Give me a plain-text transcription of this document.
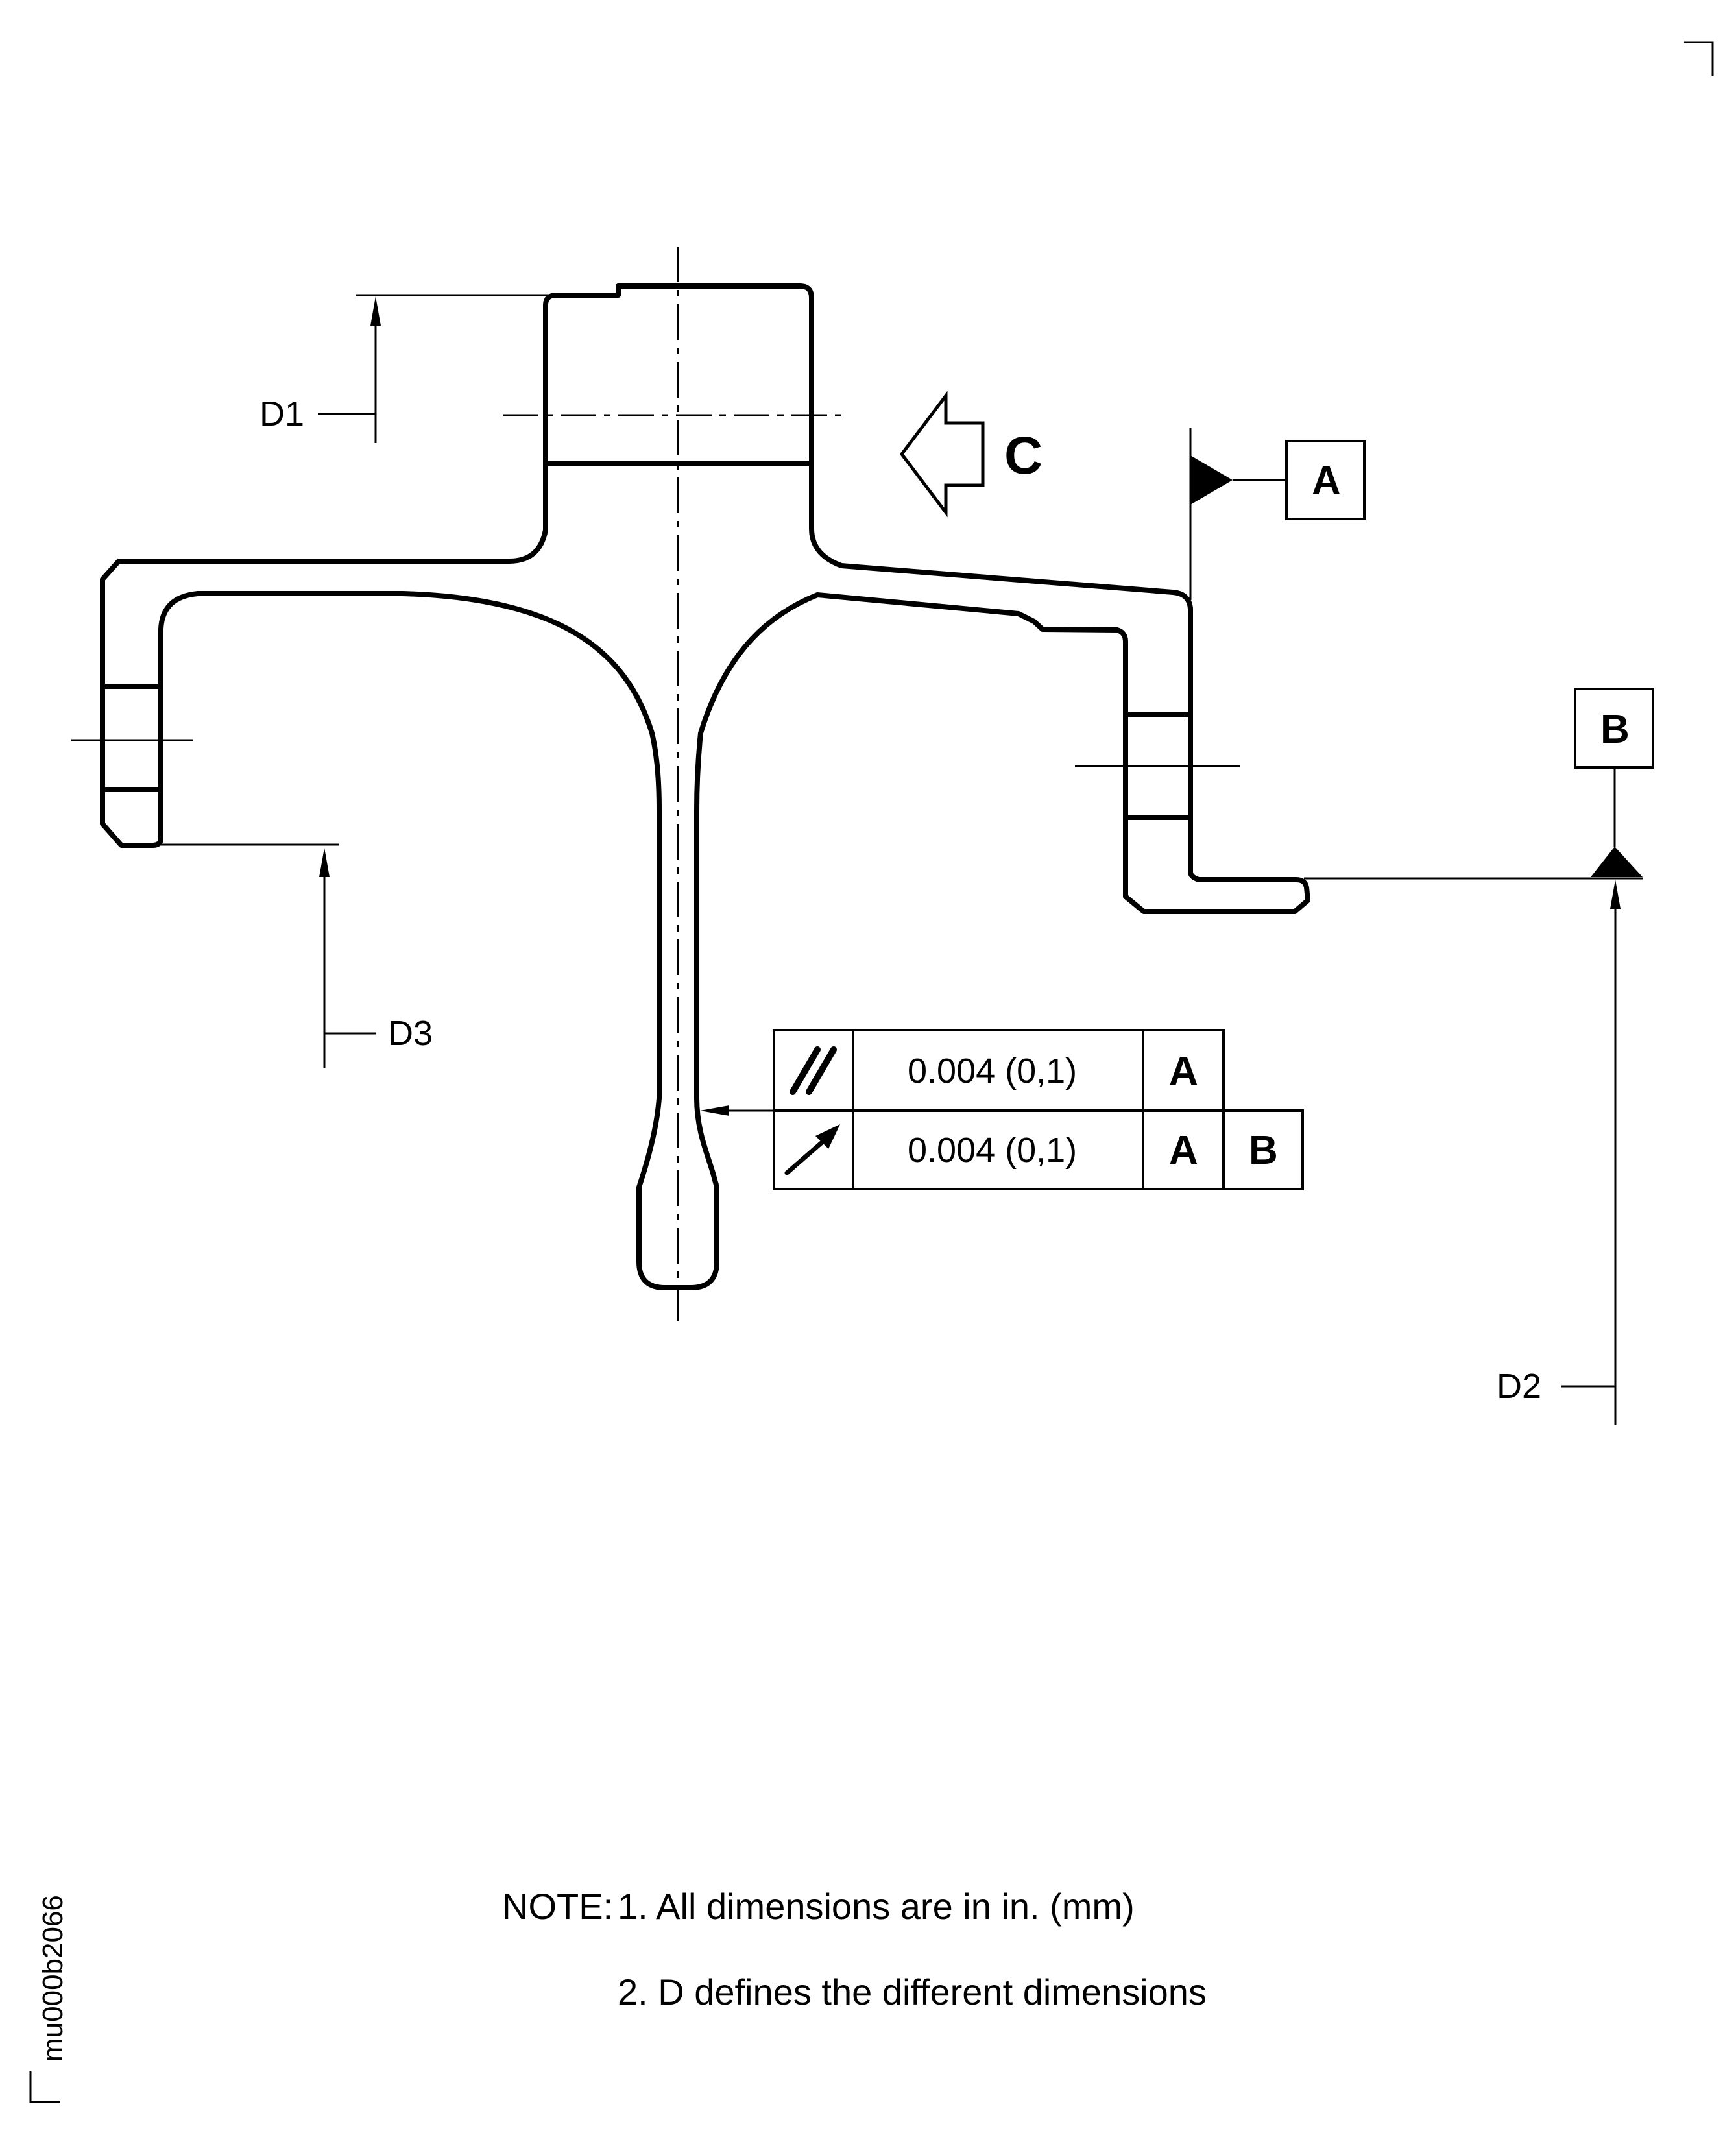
D1
D3
D2
A
B
C
0.004 (0,1) A
0.004 (0,1) A B
NOTE: 1. All dimensions are in in. (mm)
2. D defines the different dimensions
mu000b2066
